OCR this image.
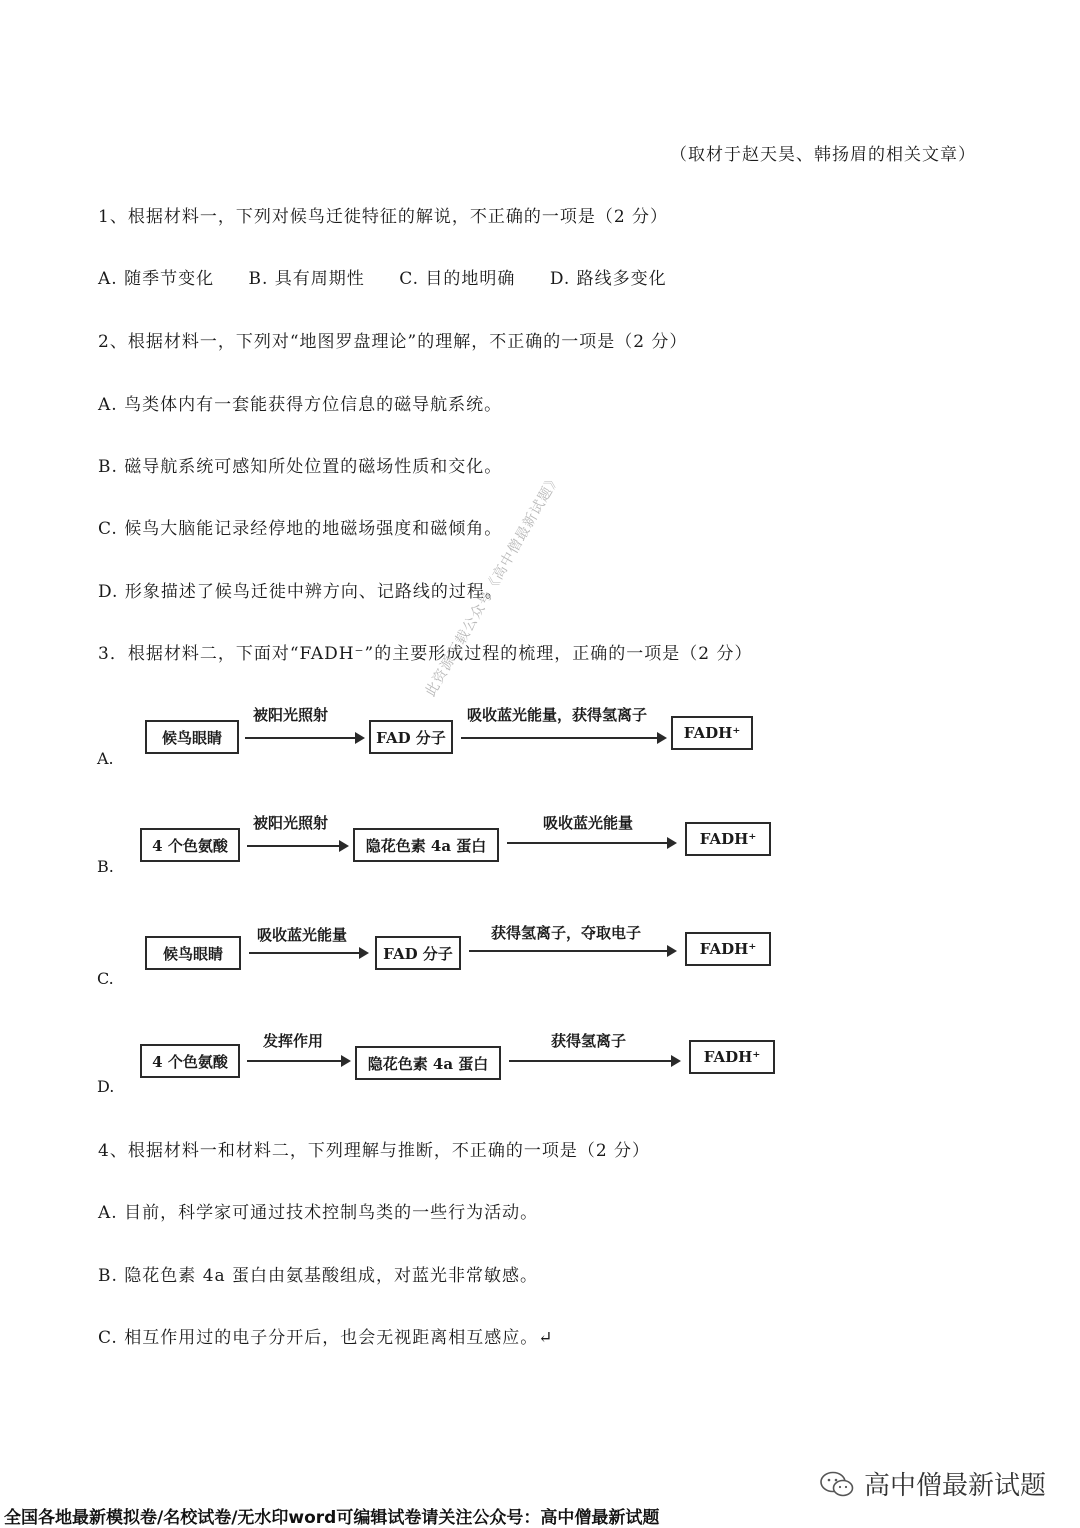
（取材于赵天昊、韩扬眉的相关文章）
1、根据材料一，下列对候鸟迁徙特征的解说，不正确的一项是（2 分）
A. 随季节变化 B. 具有周期性 C. 目的地明确 D. 路线多变化
2、根据材料一，下列对“地图罗盘理论”的理解，不正确的一项是（2 分）
A. 鸟类体内有一套能获得方位信息的磁导航系统。
B. 磁导航系统可感知所处位置的磁场性质和交化。
C. 候鸟大脑能记录经停地的地磁场强度和磁倾角。
D. 形象描述了候鸟迁徙中辨方向、记路线的过程。
3．根据材料二，下面对“FADH⁻”的主要形成过程的梳理，正确的一项是（2 分）
A.
候鸟眼睛
被阳光照射
FAD 分子
吸收蓝光能量，获得氢离子
FADH⁺
B.
4 个色氨酸
被阳光照射
隐花色素 4a 蛋白
吸收蓝光能量
FADH⁺
C.
候鸟眼睛
吸收蓝光能量
FAD 分子
获得氢离子，夺取电子
FADH⁺
D.
4 个色氨酸
发挥作用
隐花色素 4a 蛋白
获得氢离子
FADH⁺
此资源下载公众号《高中僧最新试题》
4、根据材料一和材料二，下列理解与推断，不正确的一项是（2 分）
A. 目前，科学家可通过技术控制鸟类的一些行为活动。
B. 隐花色素 4a 蛋白由氨基酸组成，对蓝光非常敏感。
C. 相互作用过的电子分开后，也会无视距离相互感应。↵
高中僧最新试题
全国各地最新模拟卷/名校试卷/无水印word可编辑试卷请关注公众号：高中僧最新试题
